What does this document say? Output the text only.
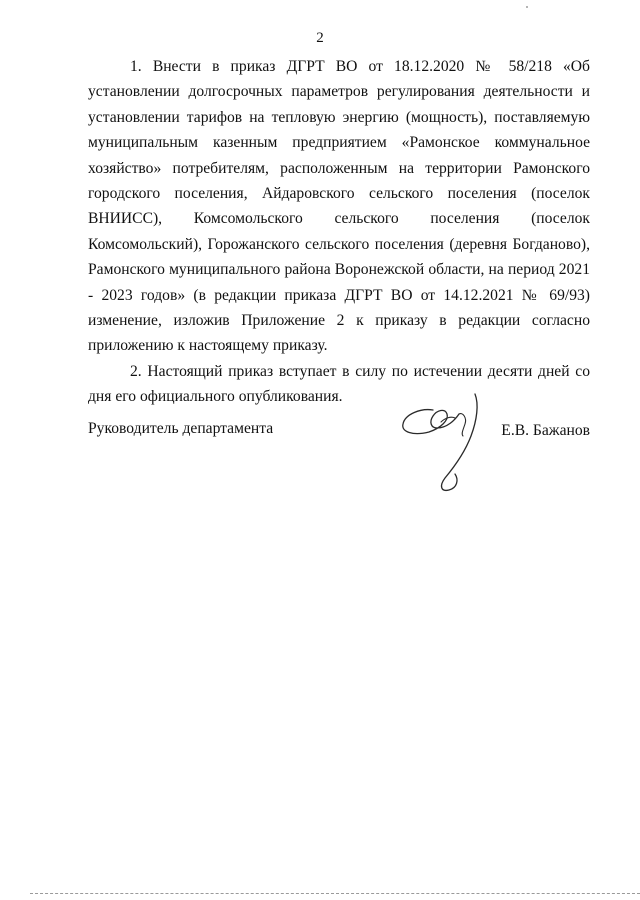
2

1. Внести в приказ ДГРТ ВО от 18.12.2020 № 58/218 «Об установлении долгосрочных параметров регулирования деятельности и установлении тарифов на тепловую энергию (мощность), поставляемую муниципальным казенным предприятием «Рамонское коммунальное хозяйство» потребителям, расположенным на территории Рамонского городского поселения, Айдаровского сельского поселения (поселок ВНИИСС), Комсомольского сельского поселения (поселок Комсомольский), Горожанского сельского поселения (деревня Богданово), Рамонского муниципального района Воронежской области, на период 2021 - 2023 годов» (в редакции приказа ДГРТ ВО от 14.12.2021 № 69/93) изменение, изложив Приложение 2 к приказу в редакции согласно приложению к настоящему приказу.

2. Настоящий приказ вступает в силу по истечении десяти дней со дня его официального опубликования.

Руководитель департамента	Е.В. Бажанов
